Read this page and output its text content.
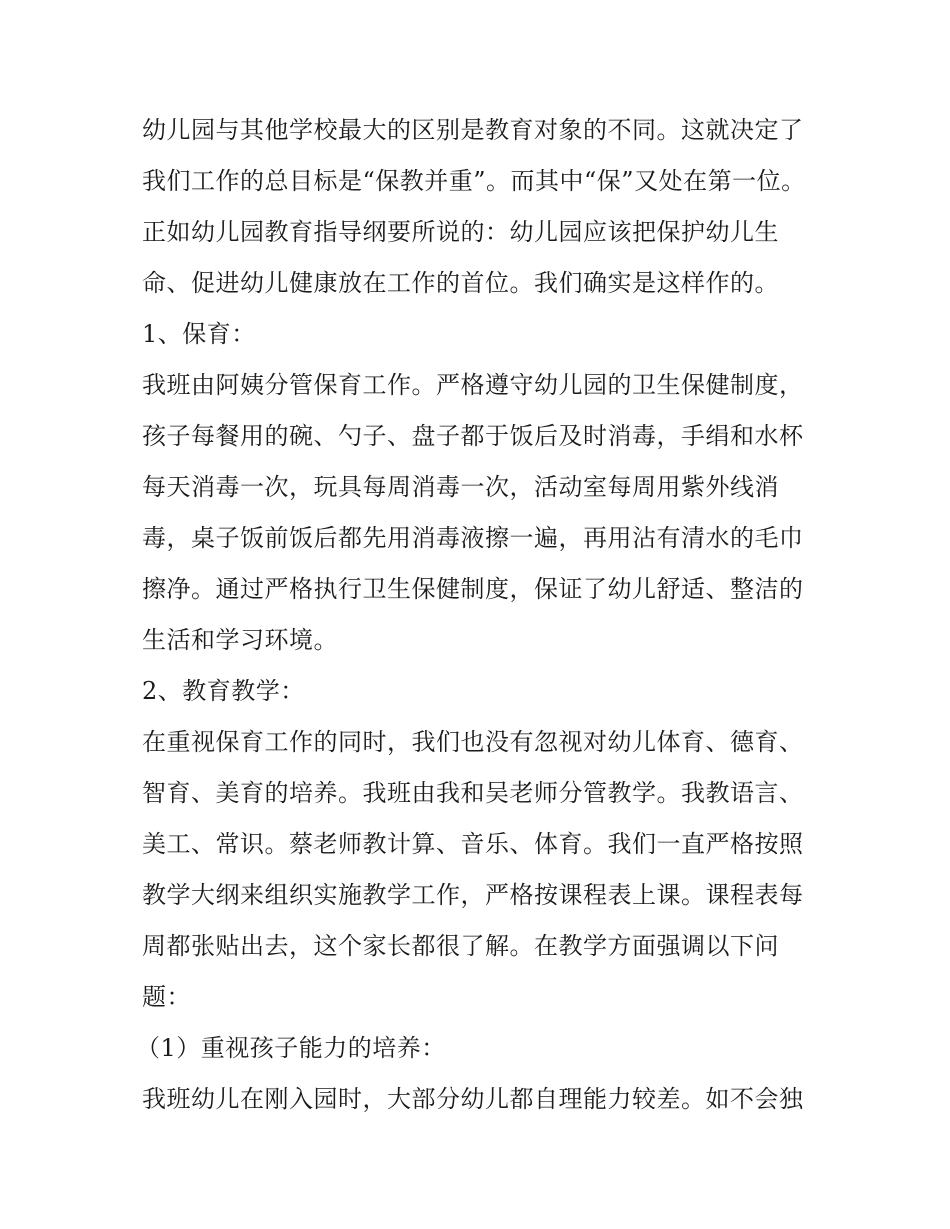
幼儿园与其他学校最大的区别是教育对象的不同。这就决定了
我们工作的总目标是“保教并重”。而其中“保”又处在第一位。
正如幼儿园教育指导纲要所说的：幼儿园应该把保护幼儿生
命、促进幼儿健康放在工作的首位。我们确实是这样作的。
1、保育：
我班由阿姨分管保育工作。严格遵守幼儿园的卫生保健制度，
孩子每餐用的碗、勺子、盘子都于饭后及时消毒，手绢和水杯
每天消毒一次，玩具每周消毒一次，活动室每周用紫外线消
毒，桌子饭前饭后都先用消毒液擦一遍，再用沾有清水的毛巾
擦净。通过严格执行卫生保健制度，保证了幼儿舒适、整洁的
生活和学习环境。
2、教育教学：
在重视保育工作的同时，我们也没有忽视对幼儿体育、德育、
智育、美育的培养。我班由我和吴老师分管教学。我教语言、
美工、常识。蔡老师教计算、音乐、体育。我们一直严格按照
教学大纲来组织实施教学工作，严格按课程表上课。课程表每
周都张贴出去，这个家长都很了解。在教学方面强调以下问
题：
（1）重视孩子能力的培养：
我班幼儿在刚入园时，大部分幼儿都自理能力较差。如不会独
